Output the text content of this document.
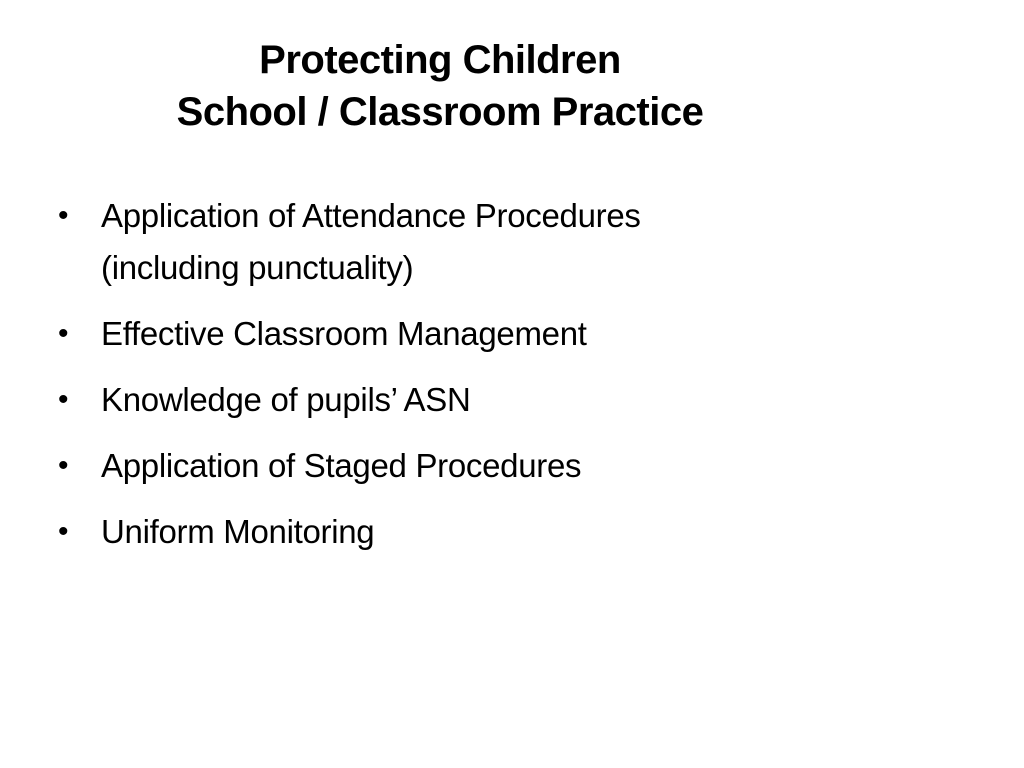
Protecting Children
School / Classroom Practice
• Application of Attendance Procedures
(including punctuality)
• Effective Classroom Management
• Knowledge of pupils’ ASN
• Application of Staged Procedures
• Uniform Monitoring
